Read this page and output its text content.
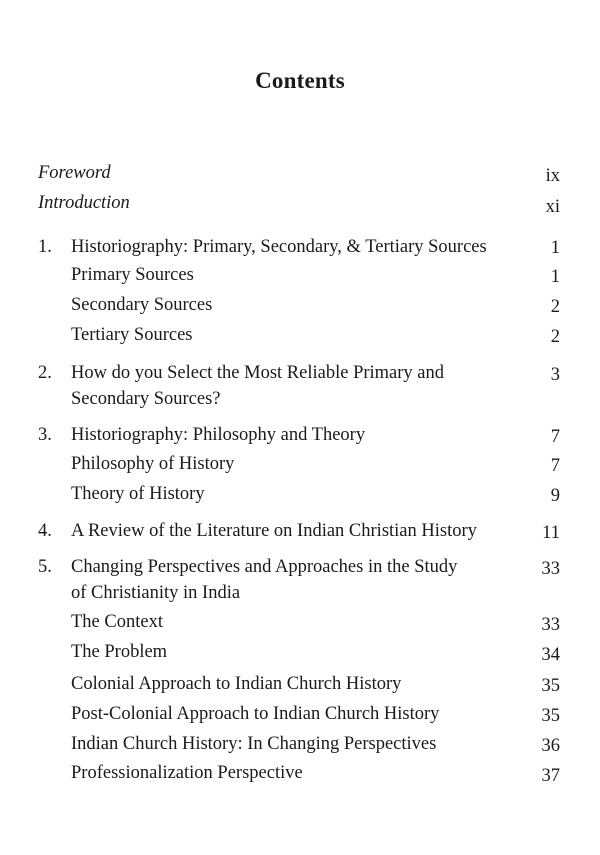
Contents
Foreword	ix
Introduction	xi
1. Historiography: Primary, Secondary, & Tertiary Sources	1
Primary Sources	1
Secondary Sources	2
Tertiary Sources	2
2. How do you Select the Most Reliable Primary and	3
Secondary Sources?
3. Historiography: Philosophy and Theory	7
Philosophy of History	7
Theory of History	9
4. A Review of the Literature on Indian Christian History	11
5. Changing Perspectives and Approaches in the Study	33
of Christianity in India
The Context	33
The Problem	34
Colonial Approach to Indian Church History	35
Post-Colonial Approach to Indian Church History	35
Indian Church History: In Changing Perspectives	36
Professionalization Perspective	37
